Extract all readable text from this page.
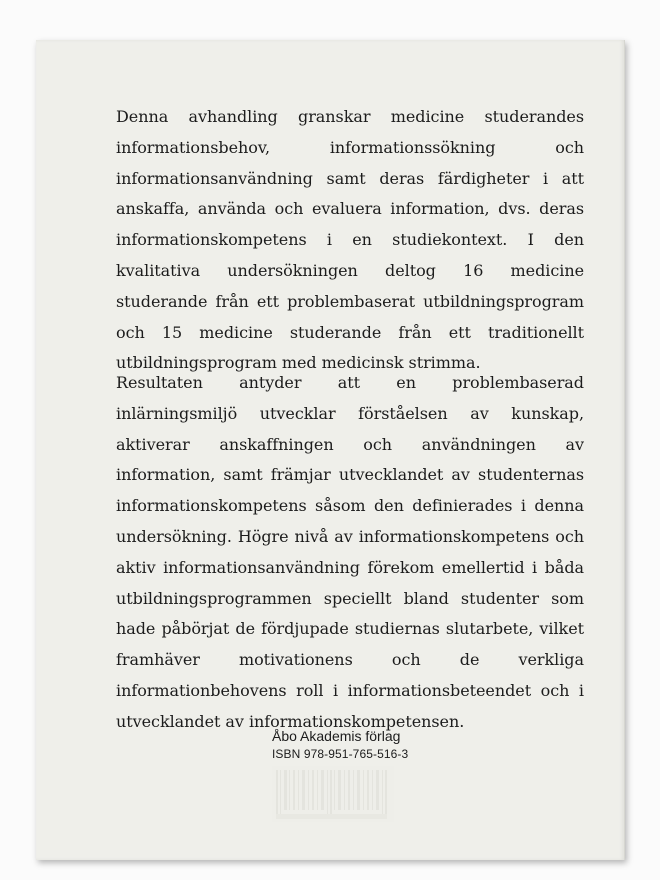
Denna avhandling granskar medicine studerandes informationsbehov, informationssökning och informationsanvändning samt deras färdigheter i att anskaffa, använda och evaluera information, dvs. deras informationskompetens i en studiekontext. I den kvalitativa undersökningen deltog 16 medicine studerande från ett problembaserat utbildningsprogram och 15 medicine studerande från ett traditionellt utbildningsprogram med medicinsk strimma.

Resultaten antyder att en problembaserad inlärningsmiljö utvecklar förståelsen av kunskap, aktiverar anskaffningen och användningen av information, samt främjar utvecklandet av studenternas informationskompetens såsom den definierades i denna undersökning. Högre nivå av informationskompetens och aktiv informationsanvändning förekom emellertid i båda utbildningsprogrammen speciellt bland studenter som hade påbörjat de fördjupade studiernas slutarbete, vilket framhäver motivationens och de verkliga informationbehovens roll i informationsbeteendet och i utvecklandet av informationskompetensen.

Åbo Akademis förlag
ISBN 978-951-765-516-3
